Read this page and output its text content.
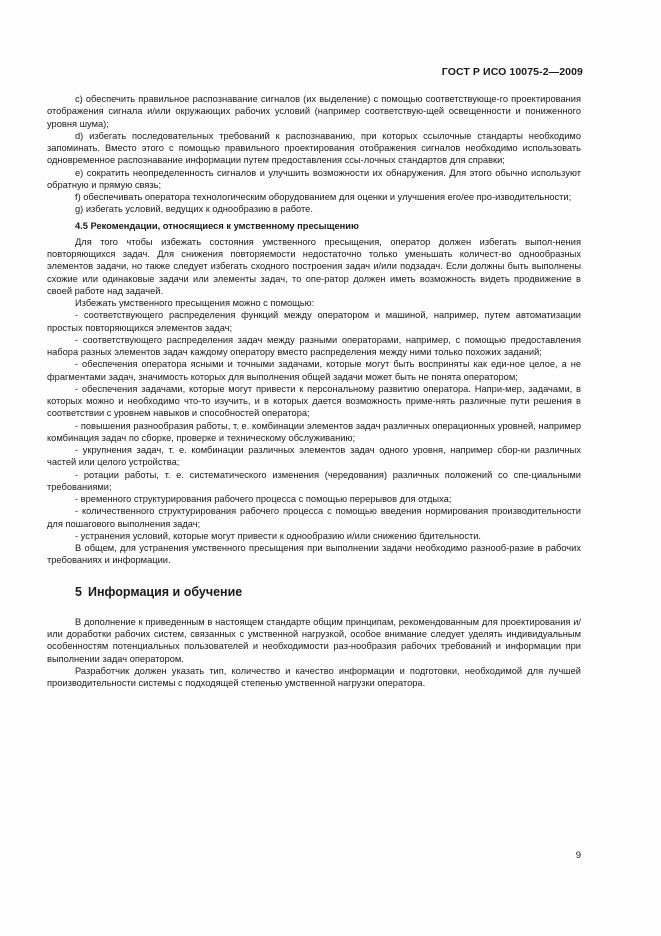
ГОСТ Р ИСО 10075-2—2009

c) обеспечить правильное распознавание сигналов (их выделение) с помощью соответствующе-го проектирования отображения сигнала и/или окружающих рабочих условий (например соответствую-щей освещенности и пониженного уровня шума);

d) избегать последовательных требований к распознаванию, при которых ссылочные стандарты необходимо запоминать. Вместо этого с помощью правильного проектирования отображения сигналов необходимо использовать одновременное распознавание информации путем предоставления ссы-лочных стандартов для справки;

е) сократить неопределенность сигналов и улучшить возможности их обнаружения. Для этого обычно используют обратную и прямую связь;

f) обеспечивать оператора технологическим оборудованием для оценки и улучшения его/ее про-изводительности;

g) избегать условий, ведущих к однообразию в работе.

4.5 Рекомендации, относящиеся к умственному пресыщению

Для того чтобы избежать состояния умственного пресыщения, оператор должен избегать выпол-нения повторяющихся задач. Для снижения повторяемости недостаточно только уменьшать количест-во однообразных элементов задачи, но также следует избегать сходного построения задач и/или подзадач. Если должны быть выполнены схожие или одинаковые задачи или элементы задач, то опе-ратор должен иметь возможность видеть продвижение в своей работе над задачей.

Избежать умственного пресыщения можно с помощью:

- соответствующего распределения функций между оператором и машиной, например, путем автоматизации простых повторяющихся элементов задач;

- соответствующего распределения задач между разными операторами, например, с помощью предоставления набора разных элементов задач каждому оператору вместо распределения между ними только похожих заданий;

- обеспечения оператора ясными и точными задачами, которые могут быть восприняты как еди-ное целое, а не фрагментами задач, значимость которых для выполнения общей задачи может быть не понята оператором;

- обеспечения задачами, которые могут привести к персональному развитию оператора. Напри-мер, задачами, в которых можно и необходимо что-то изучить, и в которых дается возможность приме-нять различные пути решения в соответствии с уровнем навыков и способностей оператора;

- повышения разнообразия работы, т. е. комбинации элементов задач различных операционных уровней, например комбинация задач по сборке, проверке и техническому обслуживанию;

- укрупнения задач, т. е. комбинации различных элементов задач одного уровня, например сбор-ки различных частей или целого устройства;

- ротации работы, т. е. систематического изменения (чередования) различных положений со спе-циальными требованиями;

- временного структурирования рабочего процесса с помощью перерывов для отдыха;

- количественного структурирования рабочего процесса с помощью введения нормирования производительности для пошагового выполнения задач;

- устранения условий, которые могут привести к однообразию и/или снижению бдительности.

В общем, для устранения умственного пресыщения при выполнении задачи необходимо разнооб-разие в рабочих требованиях и информации.

5 Информация и обучение

В дополнение к приведенным в настоящем стандарте общим принципам, рекомендованным для проектирования и/или доработки рабочих систем, связанных с умственной нагрузкой, особое внимание следует уделять индивидуальным особенностям потенциальных пользователей и необходимости раз-нообразия рабочих требований и информации при выполнении задач оператором.

Разработчик должен указать тип, количество и качество информации и подготовки, необходимой для лучшей производительности системы с подходящей степенью умственной нагрузки оператора.

9
